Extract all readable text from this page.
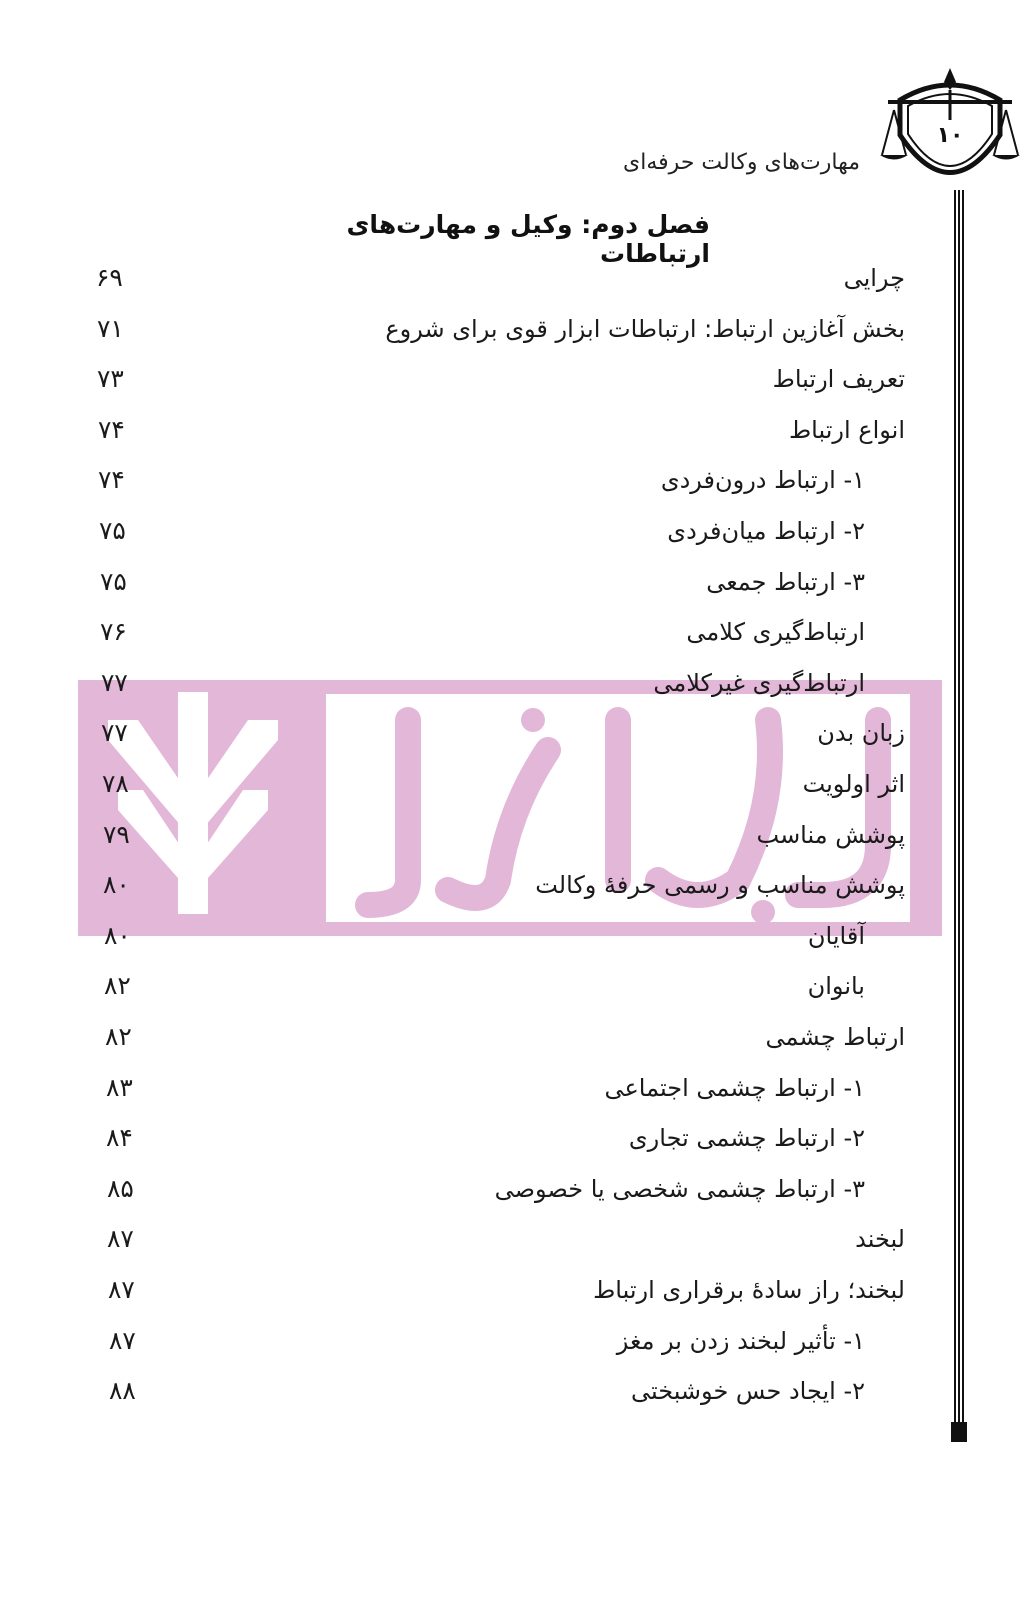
مهارت‌های وکالت حرفه‌ای
۱۰
فصل دوم: وکیل و مهارت‌های ارتباطات
چرایی
۶۹
بخش آغازین ارتباط: ارتباطات ابزار قوی برای شروع
۷۱
تعریف ارتباط
۷۳
انواع ارتباط
۷۴
۱- ارتباط درون‌فردی
۷۴
۲- ارتباط میان‌فردی
۷۵
۳- ارتباط جمعی
۷۵
ارتباط‌گیری کلامی
۷۶
ارتباط‌گیری غیرکلامی
۷۷
زبان بدن
۷۷
اثر اولویت
۷۸
پوشش مناسب
۷۹
پوشش مناسب و رسمی حرفهٔ وکالت
۸۰
آقایان
۸۰
بانوان
۸۲
ارتباط چشمی
۸۲
۱- ارتباط چشمی اجتماعی
۸۳
۲- ارتباط چشمی تجاری
۸۴
۳- ارتباط چشمی شخصی یا خصوصی
۸۵
لبخند
۸۷
لبخند؛ راز سادهٔ برقراری ارتباط
۸۷
۱- تأثیر لبخند زدن بر مغز
۸۷
۲- ایجاد حس خوشبختی
۸۸
